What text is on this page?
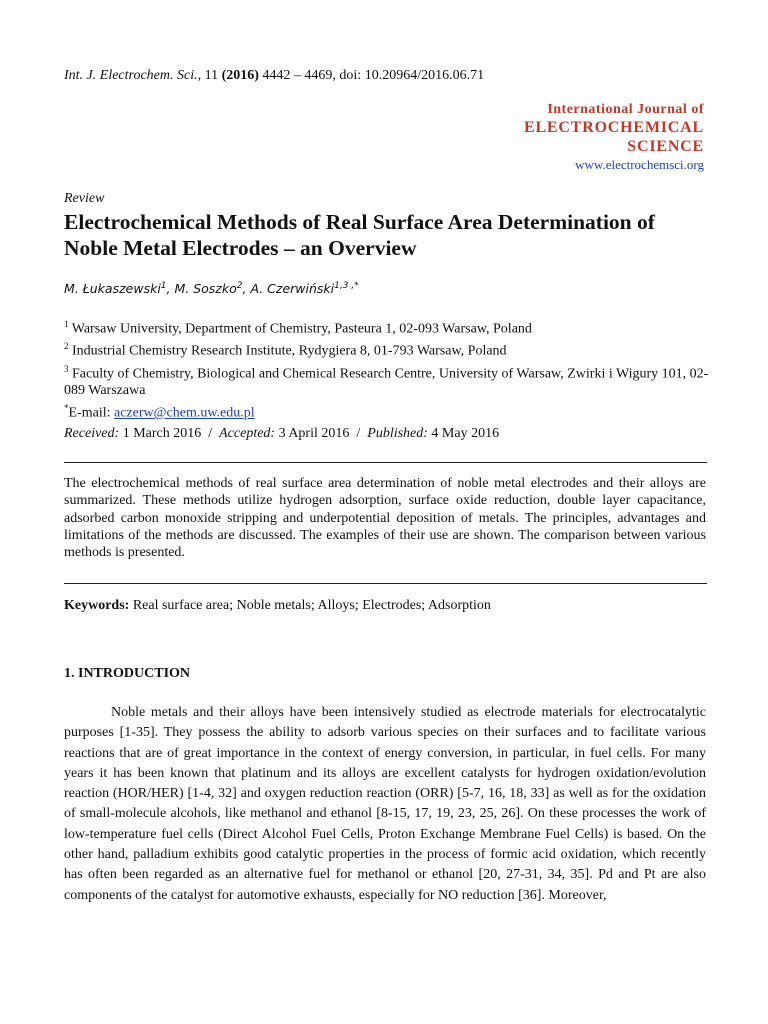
Int. J. Electrochem. Sci., 11 (2016) 4442 – 4469, doi: 10.20964/2016.06.71
International Journal of
ELECTROCHEMICAL
SCIENCE
www.electrochemsci.org
Review
Electrochemical Methods of Real Surface Area Determination of Noble Metal Electrodes – an Overview
M. Łukaszewski$^1$, M. Soszko$^2$, A. Czerwiński$^{1,3 ,*}$
$^1$ Warsaw University, Department of Chemistry, Pasteura 1, 02-093 Warsaw, Poland
$^2$ Industrial Chemistry Research Institute, Rydygiera 8, 01-793 Warsaw, Poland
$^3$ Faculty of Chemistry, Biological and Chemical Research Centre, University of Warsaw, Zwirki i Wigury 101, 02-089 Warszawa
*E-mail: aczerw@chem.uw.edu.pl
Received: 1 March 2016  /  Accepted: 3 April 2016  /  Published: 4 May 2016
The electrochemical methods of real surface area determination of noble metal electrodes and their alloys are summarized. These methods utilize hydrogen adsorption, surface oxide reduction, double layer capacitance, adsorbed carbon monoxide stripping and underpotential deposition of metals. The principles, advantages and limitations of the methods are discussed. The examples of their use are shown. The comparison between various methods is presented.
Keywords: Real surface area; Noble metals; Alloys; Electrodes; Adsorption
1. INTRODUCTION
Noble metals and their alloys have been intensively studied as electrode materials for electrocatalytic purposes [1-35]. They possess the ability to adsorb various species on their surfaces and to facilitate various reactions that are of great importance in the context of energy conversion, in particular, in fuel cells. For many years it has been known that platinum and its alloys are excellent catalysts for hydrogen oxidation/evolution reaction (HOR/HER) [1-4, 32] and oxygen reduction reaction (ORR) [5-7, 16, 18, 33] as well as for the oxidation of small-molecule alcohols, like methanol and ethanol [8-15, 17, 19, 23, 25, 26]. On these processes the work of low-temperature fuel cells (Direct Alcohol Fuel Cells, Proton Exchange Membrane Fuel Cells) is based. On the other hand, palladium exhibits good catalytic properties in the process of formic acid oxidation, which recently has often been regarded as an alternative fuel for methanol or ethanol [20, 27-31, 34, 35]. Pd and Pt are also components of the catalyst for automotive exhausts, especially for NO reduction [36]. Moreover,
